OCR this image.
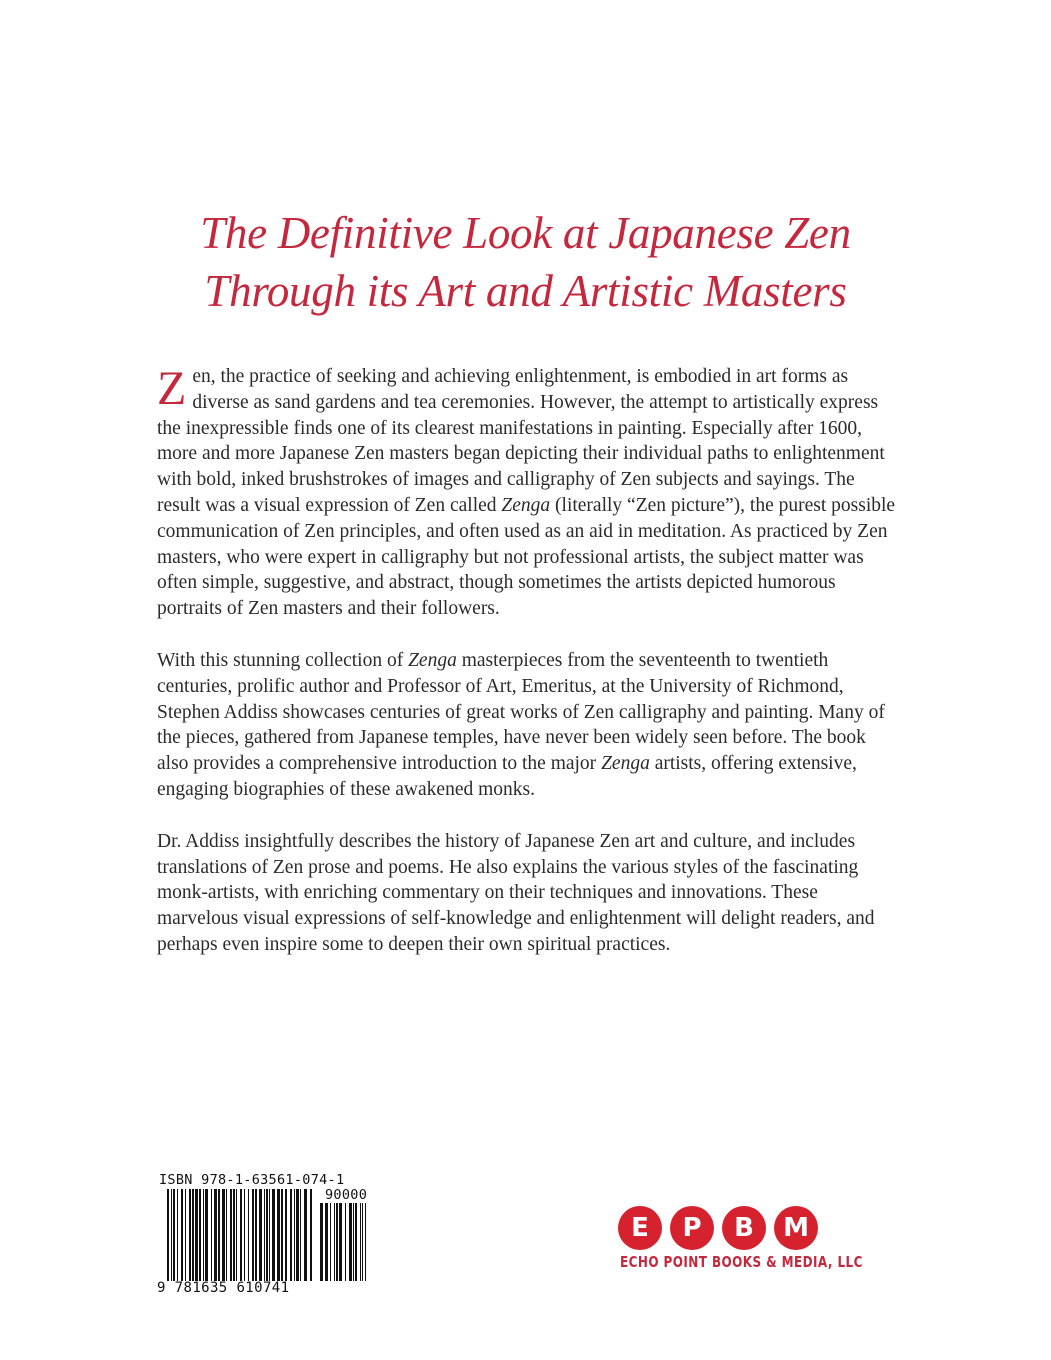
The Definitive Look at Japanese Zen
Through its Art and Artistic Masters

Zen, the practice of seeking and achieving enlightenment, is embodied in art forms as diverse as sand gardens and tea ceremonies. However, the attempt to artistically express the inexpressible finds one of its clearest manifestations in painting. Especially after 1600, more and more Japanese Zen masters began depicting their individual paths to enlightenment with bold, inked brushstrokes of images and calligraphy of Zen subjects and sayings. The result was a visual expression of Zen called Zenga (literally “Zen picture”), the purest possible communication of Zen principles, and often used as an aid in meditation. As practiced by Zen masters, who were expert in calligraphy but not professional artists, the subject matter was often simple, suggestive, and abstract, though sometimes the artists depicted humorous portraits of Zen masters and their followers.

With this stunning collection of Zenga masterpieces from the seventeenth to twentieth centuries, prolific author and Professor of Art, Emeritus, at the University of Richmond, Stephen Addiss showcases centuries of great works of Zen calligraphy and painting. Many of the pieces, gathered from Japanese temples, have never been widely seen before. The book also provides a comprehensive introduction to the major Zenga artists, offering extensive, engaging biographies of these awakened monks.

Dr. Addiss insightfully describes the history of Japanese Zen art and culture, and includes translations of Zen prose and poems. He also explains the various styles of the fascinating monk-artists, with enriching commentary on their techniques and innovations. These marvelous visual expressions of self-knowledge and enlightenment will delight readers, and perhaps even inspire some to deepen their own spiritual practices.

ISBN 978-1-63561-074-1
90000
9 781635 610741
E	P	B	M
ECHO POINT BOOKS & MEDIA, LLC
